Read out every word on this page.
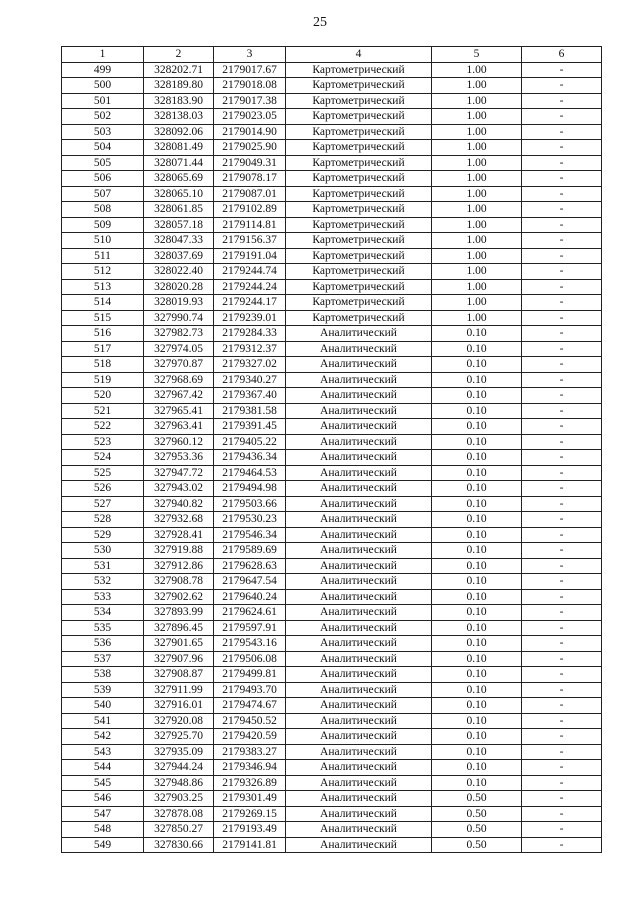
25
1	2	3	4	5	6
499	328202.71	2179017.67	Картометрический	1.00	-
500	328189.80	2179018.08	Картометрический	1.00	-
501	328183.90	2179017.38	Картометрический	1.00	-
502	328138.03	2179023.05	Картометрический	1.00	-
503	328092.06	2179014.90	Картометрический	1.00	-
504	328081.49	2179025.90	Картометрический	1.00	-
505	328071.44	2179049.31	Картометрический	1.00	-
506	328065.69	2179078.17	Картометрический	1.00	-
507	328065.10	2179087.01	Картометрический	1.00	-
508	328061.85	2179102.89	Картометрический	1.00	-
509	328057.18	2179114.81	Картометрический	1.00	-
510	328047.33	2179156.37	Картометрический	1.00	-
511	328037.69	2179191.04	Картометрический	1.00	-
512	328022.40	2179244.74	Картометрический	1.00	-
513	328020.28	2179244.24	Картометрический	1.00	-
514	328019.93	2179244.17	Картометрический	1.00	-
515	327990.74	2179239.01	Картометрический	1.00	-
516	327982.73	2179284.33	Аналитический	0.10	-
517	327974.05	2179312.37	Аналитический	0.10	-
518	327970.87	2179327.02	Аналитический	0.10	-
519	327968.69	2179340.27	Аналитический	0.10	-
520	327967.42	2179367.40	Аналитический	0.10	-
521	327965.41	2179381.58	Аналитический	0.10	-
522	327963.41	2179391.45	Аналитический	0.10	-
523	327960.12	2179405.22	Аналитический	0.10	-
524	327953.36	2179436.34	Аналитический	0.10	-
525	327947.72	2179464.53	Аналитический	0.10	-
526	327943.02	2179494.98	Аналитический	0.10	-
527	327940.82	2179503.66	Аналитический	0.10	-
528	327932.68	2179530.23	Аналитический	0.10	-
529	327928.41	2179546.34	Аналитический	0.10	-
530	327919.88	2179589.69	Аналитический	0.10	-
531	327912.86	2179628.63	Аналитический	0.10	-
532	327908.78	2179647.54	Аналитический	0.10	-
533	327902.62	2179640.24	Аналитический	0.10	-
534	327893.99	2179624.61	Аналитический	0.10	-
535	327896.45	2179597.91	Аналитический	0.10	-
536	327901.65	2179543.16	Аналитический	0.10	-
537	327907.96	2179506.08	Аналитический	0.10	-
538	327908.87	2179499.81	Аналитический	0.10	-
539	327911.99	2179493.70	Аналитический	0.10	-
540	327916.01	2179474.67	Аналитический	0.10	-
541	327920.08	2179450.52	Аналитический	0.10	-
542	327925.70	2179420.59	Аналитический	0.10	-
543	327935.09	2179383.27	Аналитический	0.10	-
544	327944.24	2179346.94	Аналитический	0.10	-
545	327948.86	2179326.89	Аналитический	0.10	-
546	327903.25	2179301.49	Аналитический	0.50	-
547	327878.08	2179269.15	Аналитический	0.50	-
548	327850.27	2179193.49	Аналитический	0.50	-
549	327830.66	2179141.81	Аналитический	0.50	-
